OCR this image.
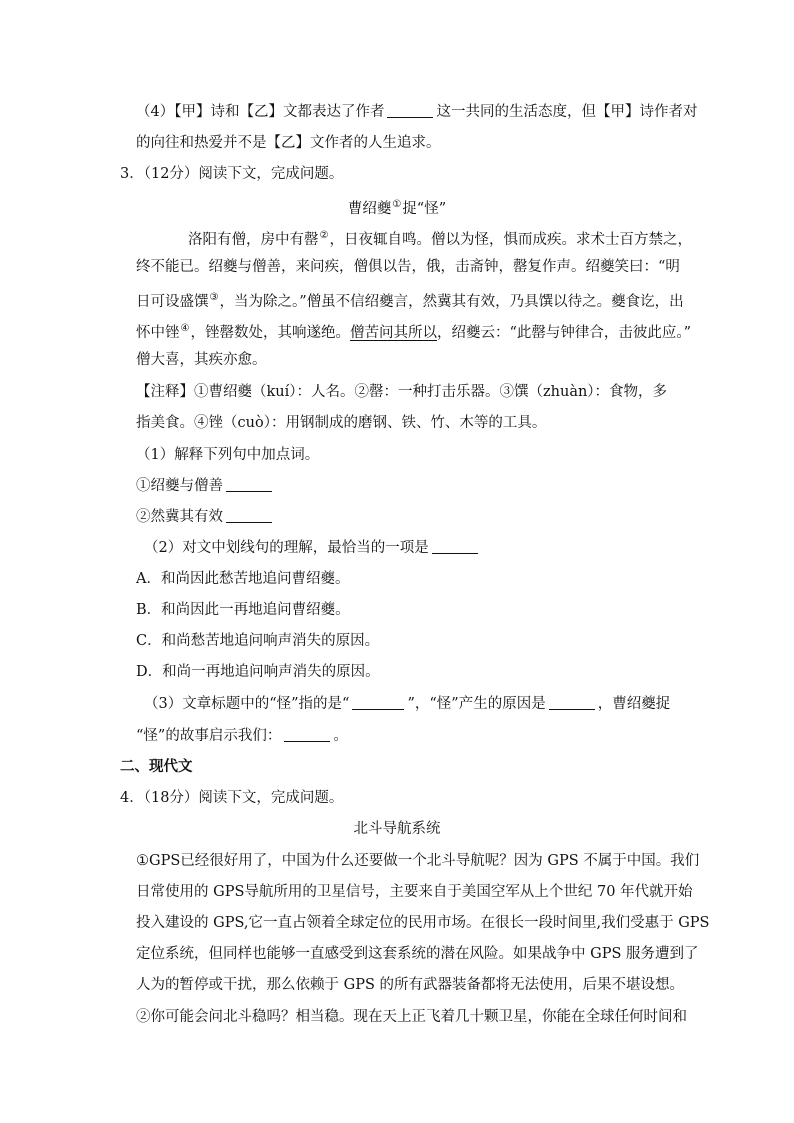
（4）【甲】诗和【乙】文都表达了作者	这一共同的生活态度，但【甲】诗作者对
的向往和热爱并不是【乙】文作者的人生追求。
3．（12分）阅读下文，完成问题。
曹绍夔①捉“怪”
洛阳有僧，房中有罄②，日夜辄自鸣。僧以为怪，惧而成疾。求术士百方禁之，
终不能已。绍夔与僧善，来问疾，僧俱以告，俄，击斋钟，罄复作声。绍夔笑曰：“明
日可设盛馔③，当为除之。”僧虽不信绍夔言，然冀其有效，乃具馔以待之。夔食讫，出
怀中锉④，锉罄数处，其响遂绝。僧苦问其所以，绍夔云：“此罄与钟律合，击彼此应。”
僧大喜，其疾亦愈。
【注释】①曹绍夔（kuí）：人名。②罄：一种打击乐器。③馔（zhuàn）：食物，多
指美食。④锉（cuò）：用钢制成的磨钢、铁、竹、木等的工具。
（1）解释下列句中加点词。
①绍夔与僧善
②然冀其有效
（2）对文中划线句的理解，最恰当的一项是
A．和尚因此愁苦地追问曹绍夔。
B．和尚因此一再地追问曹绍夔。
C．和尚愁苦地追问响声消失的原因。
D．和尚一再地追问响声消失的原因。
（3）文章标题中的“怪”指的是“	”，“怪”产生的原因是	，曹绍夔捉
“怪”的故事启示我们：	。
二、现代文
4．（18分）阅读下文，完成问题。
北斗导航系统
①GPS已经很好用了，中国为什么还要做一个北斗导航呢？因为 GPS 不属于中国。我们
日常使用的 GPS导航所用的卫星信号，主要来自于美国空军从上个世纪 70 年代就开始
投入建设的 GPS,它一直占领着全球定位的民用市场。在很长一段时间里,我们受惠于 GPS
定位系统，但同样也能够一直感受到这套系统的潜在风险。如果战争中 GPS 服务遭到了
人为的暂停或干扰，那么依赖于 GPS 的所有武器装备都将无法使用，后果不堪设想。
②你可能会问北斗稳吗？相当稳。现在天上正飞着几十颗卫星，你能在全球任何时间和
